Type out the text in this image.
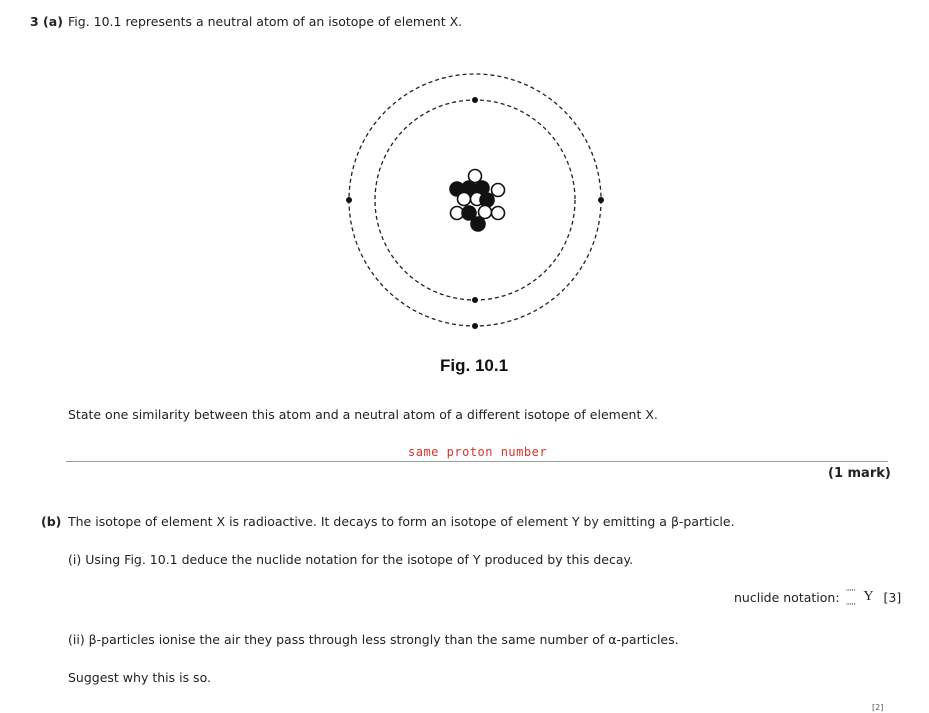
3 (a) Fig. 10.1 represents a neutral atom of an isotope of element X.
Fig. 10.1
State one similarity between this atom and a neutral atom of a different isotope of element X.
same proton number
(1 mark)
(b) The isotope of element X is radioactive. It decays to form an isotope of element Y by emitting a β-particle.
(i) Using Fig. 10.1 deduce the nuclide notation for the isotope of Y produced by this decay.
nuclide notation: ·····
·····
Y [3]
(ii) β-particles ionise the air they pass through less strongly than the same number of α-particles.
Suggest why this is so.
[2]
